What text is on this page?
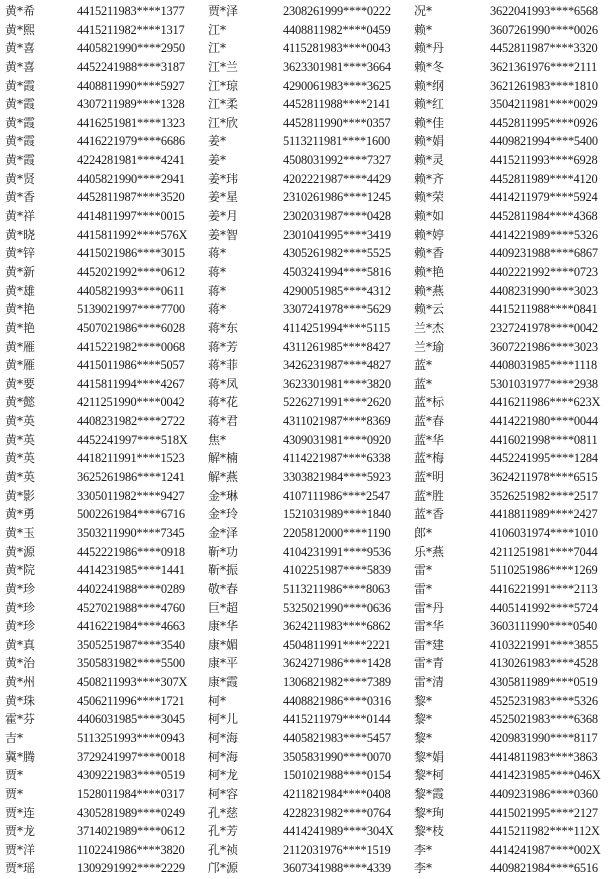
黄*希	4415211983****1377
黄*熙	4415211982****1317
黄*喜	4405821990****2950
黄*喜	4452241988****3187
黄*霞	4408811990****5927
黄*霞	4307211989****1328
黄*霞	4416251981****1323
黄*霞	4416221979****6686
黄*霞	4224281981****4241
黄*贤	4405821990****2941
黄*香	4452811987****3520
黄*祥	4414811997****0015
黄*晓	4415811992****576X
黄*锌	4415021986****3015
黄*新	4452021992****0612
黄*雄	4405821993****0611
黄*艳	5139021997****7700
黄*艳	4507021986****6028
黄*雁	4415221982****0068
黄*雁	4415011986****5057
黄*要	4415811994****4267
黄*懿	4211251990****0042
黄*英	4408231982****2722
黄*英	4452241997****518X
黄*英	4418211991****1523
黄*英	3625261986****1241
黄*影	3305011982****9427
黄*勇	5002261984****6716
黄*玉	3503211990****7345
黄*源	4452221986****0918
黄*院	4414231985****1441
黄*珍	4402241988****0289
黄*珍	4527021988****4760
黄*珍	4416221984****4663
黄*真	3505251987****3540
黄*治	3505831982****5500
黄*州	4508211993****307X
黄*珠	4506211996****1721
霍*芬	4406031985****3045
吉*	5113251993****0943
冀*腾	3729241997****0018
贾*	4309221983****0519
贾*	1528011984****0317
贾*连	4305281989****0249
贾*龙	3714021989****0612
贾*洋	1102241986****3820
贾*瑶	1309291992****2229
贾*泽	2308261999****0222
江*	4408811982****0459
江*	4115281983****0043
江*兰	3623301981****3664
江*琼	4290061983****3625
江*柔	4452811988****2141
江*欣	4452811990****0357
姜*	5113211981****1600
姜*	4508031992****7327
姜*玮	4202221987****4429
姜*星	2310261986****1245
姜*月	2302031987****0428
姜*智	2301041995****3419
蒋*	4305261982****5525
蒋*	4503241994****5816
蒋*	4290051985****4312
蒋*	3307241978****5629
蒋*东	4114251994****5115
蒋*芳	4311261985****8427
蒋*菲	3426231987****4827
蒋*凤	3623301981****3820
蒋*花	5226271991****2620
蒋*君	4311021987****8369
焦*	4309031981****0920
解*楠	4114221987****6338
解*燕	3303821984****5923
金*琳	4107111986****2547
金*玲	1521031989****1840
金*泽	2205812000****1190
靳*功	4104231991****9536
靳*振	4102251987****5839
敬*春	5113211986****8063
巨*超	5325021990****0636
康*华	3624211983****6862
康*媚	4504811991****2221
康*平	3624271986****1428
康*霞	1306821982****7389
柯*	4408821986****0316
柯*儿	4415211979****0144
柯*海	4405821983****5457
柯*海	3505831990****0070
柯*龙	1501021988****0154
柯*容	4211821984****0408
孔*慈	4228231982****0764
孔*芳	4414241989****304X
孔*祯	2112031976****1519
邝*源	3607341988****4339
况*	3622041993****6568
赖*	3607261990****0026
赖*丹	4452811987****3320
赖*冬	3621361976****2111
赖*纲	3621261983****1810
赖*红	3504211981****0029
赖*佳	4452811995****0926
赖*娟	4409821994****5400
赖*灵	4415211993****6928
赖*齐	4452811989****4120
赖*荣	4414211979****5924
赖*如	4452811984****4368
赖*婷	4414221989****5326
赖*香	4409231988****6867
赖*艳	4402221992****0723
赖*燕	4408231990****3023
赖*云	4415211988****0841
兰*杰	2327241978****0042
兰*瑜	3607221986****3023
蓝*	4408031985****1118
蓝*	5301031977****2938
蓝*标	4416211986****623X
蓝*春	4414221980****0044
蓝*华	4416021998****0811
蓝*梅	4452241995****1284
蓝*明	3624211978****6515
蓝*胜	3526251982****2517
蓝*香	4418811989****2427
郎*	4106031974****1010
乐*燕	4211251981****7044
雷*	5110251986****1269
雷*	4416221991****2113
雷*丹	4405141992****5724
雷*华	3603111990****0540
雷*建	4103221991****3855
雷*青	4130261983****4528
雷*清	4305811989****0519
黎*	4525231983****5326
黎*	4525021983****6368
黎*	4209831990****8117
黎*娟	4414811983****3863
黎*柯	4414231985****046X
黎*霞	4409231986****0360
黎*珣	4415021995****2127
黎*枝	4415211982****112X
李*	4414241987****002X
李*	4409821984****6516
